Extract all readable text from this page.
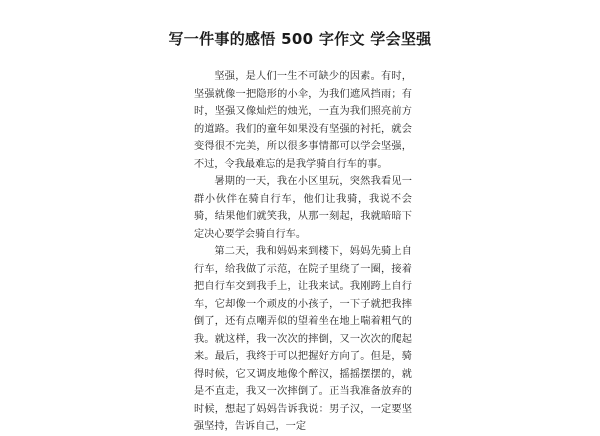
写一件事的感悟 500 字作文 学会坚强

坚强，是人们一生不可缺少的因素。有时，坚强就像一把隐形的小伞，为我们遮风挡雨；有时，坚强又像灿烂的烛光，一直为我们照亮前方的道路。我们的童年如果没有坚强的衬托，就会变得很不完美，所以很多事情都可以学会坚强，不过，令我最难忘的是我学骑自行车的事。

暑期的一天，我在小区里玩，突然我看见一群小伙伴在骑自行车，他们让我骑，我说不会骑，结果他们就笑我，从那一刻起，我就暗暗下定决心要学会骑自行车。

第二天，我和妈妈来到楼下，妈妈先骑上自行车，给我做了示范，在院子里绕了一圈，接着把自行车交到我手上，让我来试。我刚跨上自行车，它却像一个顽皮的小孩子，一下子就把我摔倒了，还有点嘲弄似的望着坐在地上喘着粗气的我。就这样，我一次次的摔倒，又一次次的爬起来。最后，我终于可以把握好方向了。但是，骑得时候，它又调皮地像个醉汉，摇摇摆摆的，就是不直走，我又一次摔倒了。正当我准备放弃的时候，想起了妈妈告诉我说：男子汉，一定要坚强坚持，告诉自己，一定
